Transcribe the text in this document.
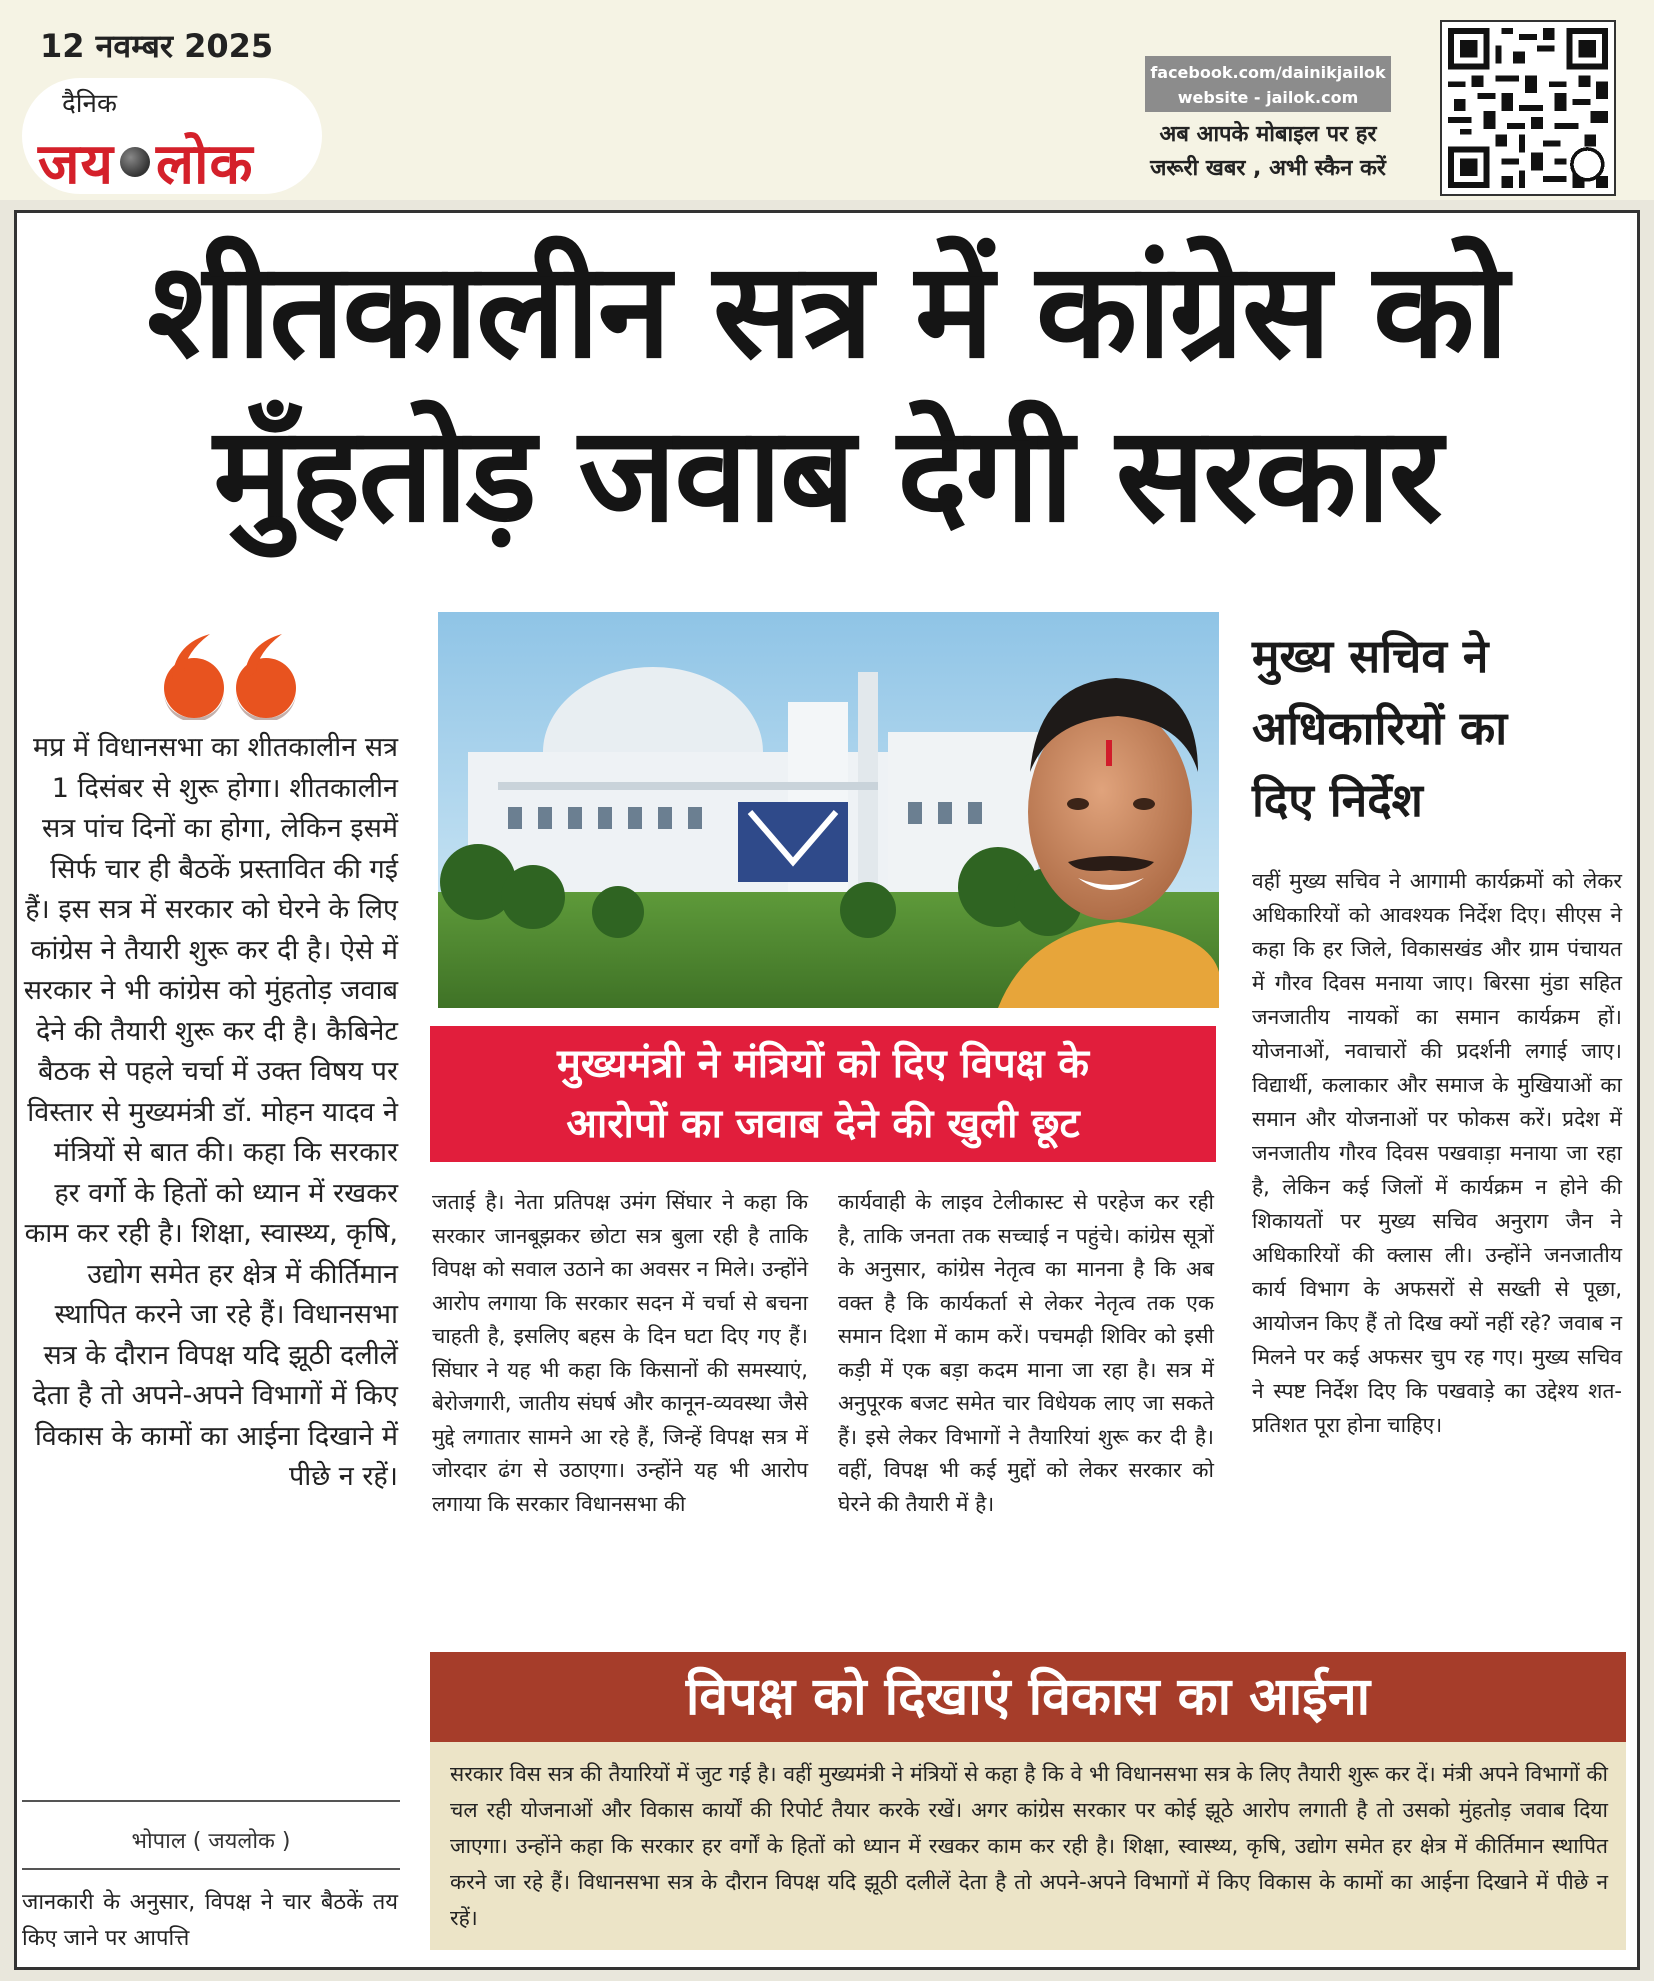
12 नवम्बर 2025
दैनिक
जय लोक
facebook.com/dainikjailok
website - jailok.com
अब आपके मोबाइल पर हर
जरूरी खबर , अभी स्कैन करें
शीतकालीन सत्र में कांग्रेस को
मुँहतोड़ जवाब देगी सरकार
मप्र में विधानसभा का शीतकालीन सत्र 1 दिसंबर से शुरू होगा। शीतकालीन सत्र पांच दिनों का होगा, लेकिन इसमें सिर्फ चार ही बैठकें प्रस्तावित की गई हैं। इस सत्र में सरकार को घेरने के लिए कांग्रेस ने तैयारी शुरू कर दी है। ऐसे में सरकार ने भी कांग्रेस को मुंहतोड़ जवाब देने की तैयारी शुरू कर दी है। कैबिनेट बैठक से पहले चर्चा में उक्त विषय पर विस्तार से मुख्यमंत्री डॉ. मोहन यादव ने मंत्रियों से बात की। कहा कि सरकार हर वर्गो के हितों को ध्यान में रखकर काम कर रही है। शिक्षा, स्वास्थ्य, कृषि, उद्योग समेत हर क्षेत्र में कीर्तिमान स्थापित करने जा रहे हैं। विधानसभा सत्र के दौरान विपक्ष यदि झूठी दलीलें देता है तो अपने-अपने विभागों में किए विकास के कामों का आईना दिखाने में पीछे न रहें।
भोपाल ( जयलोक )
जानकारी के अनुसार, विपक्ष ने चार बैठकें तय किए जाने पर आपत्ति
मुख्यमंत्री ने मंत्रियों को दिए विपक्ष के
आरोपों का जवाब देने की खुली छूट
जताई है। नेता प्रतिपक्ष उमंग सिंघार ने कहा कि सरकार जानबूझकर छोटा सत्र बुला रही है ताकि विपक्ष को सवाल उठाने का अवसर न मिले। उन्होंने आरोप लगाया कि सरकार सदन में चर्चा से बचना चाहती है, इसलिए बहस के दिन घटा दिए गए हैं। सिंघार ने यह भी कहा कि किसानों की समस्याएं, बेरोजगारी, जातीय संघर्ष और कानून-व्यवस्था जैसे मुद्दे लगातार सामने आ रहे हैं, जिन्हें विपक्ष सत्र में जोरदार ढंग से उठाएगा। उन्होंने यह भी आरोप लगाया कि सरकार विधानसभा की
कार्यवाही के लाइव टेलीकास्ट से परहेज कर रही है, ताकि जनता तक सच्चाई न पहुंचे। कांग्रेस सूत्रों के अनुसार, कांग्रेस नेतृत्व का मानना है कि अब वक्त है कि कार्यकर्ता से लेकर नेतृत्व तक एक समान दिशा में काम करें। पचमढ़ी शिविर को इसी कड़ी में एक बड़ा कदम माना जा रहा है। सत्र में अनुपूरक बजट समेत चार विधेयक लाए जा सकते हैं। इसे लेकर विभागों ने तैयारियां शुरू कर दी है। वहीं, विपक्ष भी कई मुद्दों को लेकर सरकार को घेरने की तैयारी में है।
मुख्य सचिव ने
अधिकारियों का
दिए निर्देश
वहीं मुख्य सचिव ने आगामी कार्यक्रमों को लेकर अधिकारियों को आवश्यक निर्देश दिए। सीएस ने कहा कि हर जिले, विकासखंड और ग्राम पंचायत में गौरव दिवस मनाया जाए। बिरसा मुंडा सहित जनजातीय नायकों का समान कार्यक्रम हों। योजनाओं, नवाचारों की प्रदर्शनी लगाई जाए। विद्यार्थी, कलाकार और समाज के मुखियाओं का समान और योजनाओं पर फोकस करें। प्रदेश में जनजातीय गौरव दिवस पखवाड़ा मनाया जा रहा है, लेकिन कई जिलों में कार्यक्रम न होने की शिकायतों पर मुख्य सचिव अनुराग जैन ने अधिकारियों की क्लास ली। उन्होंने जनजातीय कार्य विभाग के अफसरों से सख्ती से पूछा, आयोजन किए हैं तो दिख क्यों नहीं रहे? जवाब न मिलने पर कई अफसर चुप रह गए। मुख्य सचिव ने स्पष्ट निर्देश दिए कि पखवाड़े का उद्देश्य शत-प्रतिशत पूरा होना चाहिए।
विपक्ष को दिखाएं विकास का आईना
सरकार विस सत्र की तैयारियों में जुट गई है। वहीं मुख्यमंत्री ने मंत्रियों से कहा है कि वे भी विधानसभा सत्र के लिए तैयारी शुरू कर दें। मंत्री अपने विभागों की चल रही योजनाओं और विकास कार्यों की रिपोर्ट तैयार करके रखें। अगर कांग्रेस सरकार पर कोई झूठे आरोप लगाती है तो उसको मुंहतोड़ जवाब दिया जाएगा। उन्होंने कहा कि सरकार हर वर्गों के हितों को ध्यान में रखकर काम कर रही है। शिक्षा, स्वास्थ्य, कृषि, उद्योग समेत हर क्षेत्र में कीर्तिमान स्थापित करने जा रहे हैं। विधानसभा सत्र के दौरान विपक्ष यदि झूठी दलीलें देता है तो अपने-अपने विभागों में किए विकास के कामों का आईना दिखाने में पीछे न रहें।
